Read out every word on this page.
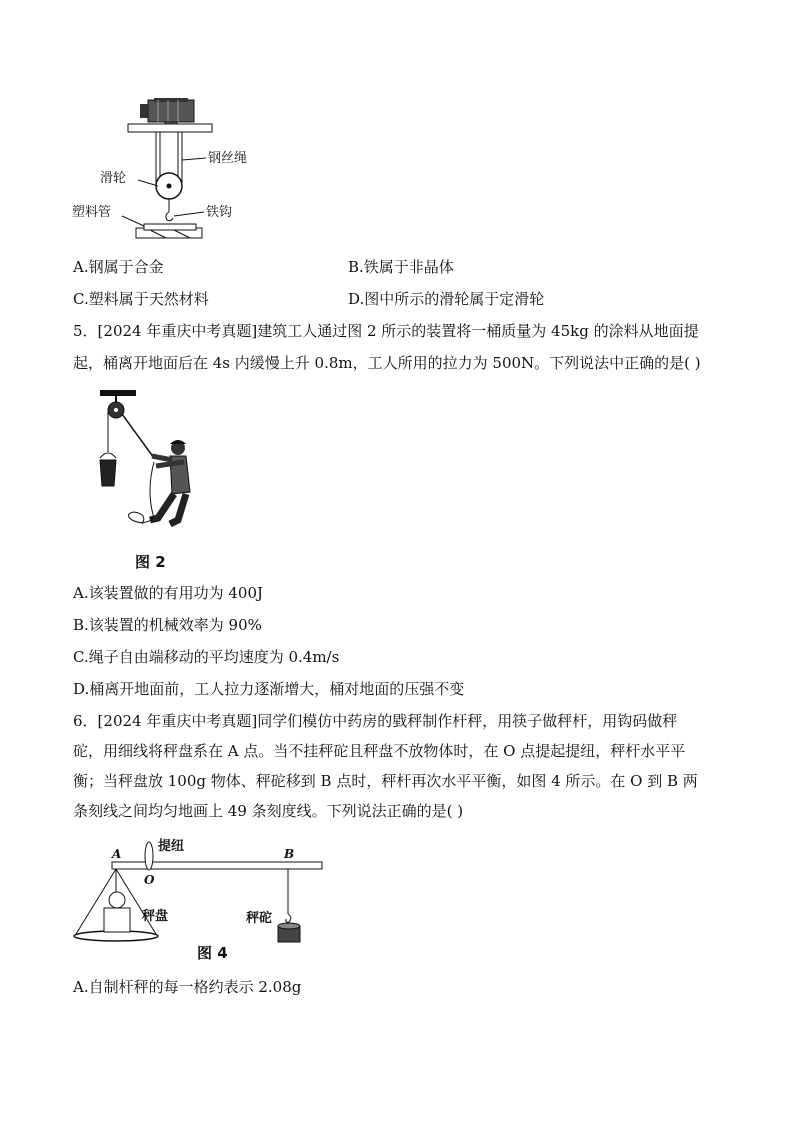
钢丝绳
滑轮
塑料管	铁钩
A.钢属于合金	B.铁属于非晶体
C.塑料属于天然材料	D.图中所示的滑轮属于定滑轮
5．[2024 年重庆中考真题]建筑工人通过图 2 所示的装置将一桶质量为 45kg 的涂料从地面提
起，桶离开地面后在 4s 内缓慢上升 0.8m，工人所用的拉力为 500N。下列说法中正确的是( )
图 2
A.该装置做的有用功为 400J
B.该装置的机械效率为 90%
C.绳子自由端移动的平均速度为 0.4m/s
D.桶离开地面前，工人拉力逐渐增大，桶对地面的压强不变
6．[2024 年重庆中考真题]同学们模仿中药房的戥秤制作杆秤，用筷子做秤杆，用钩码做秤
砣，用细线将秤盘系在 A 点。当不挂秤砣且秤盘不放物体时，在 O 点提起提纽，秤杆水平平
衡；当秤盘放 100g 物体、秤砣移到 B 点时，秤杆再次水平平衡，如图 4 所示。在 O 到 B 两
条刻线之间均匀地画上 49 条刻度线。下列说法正确的是( )
A
O
B
提纽
秤盘	秤砣
图 4
A.自制杆秤的每一格约表示 2.08g
